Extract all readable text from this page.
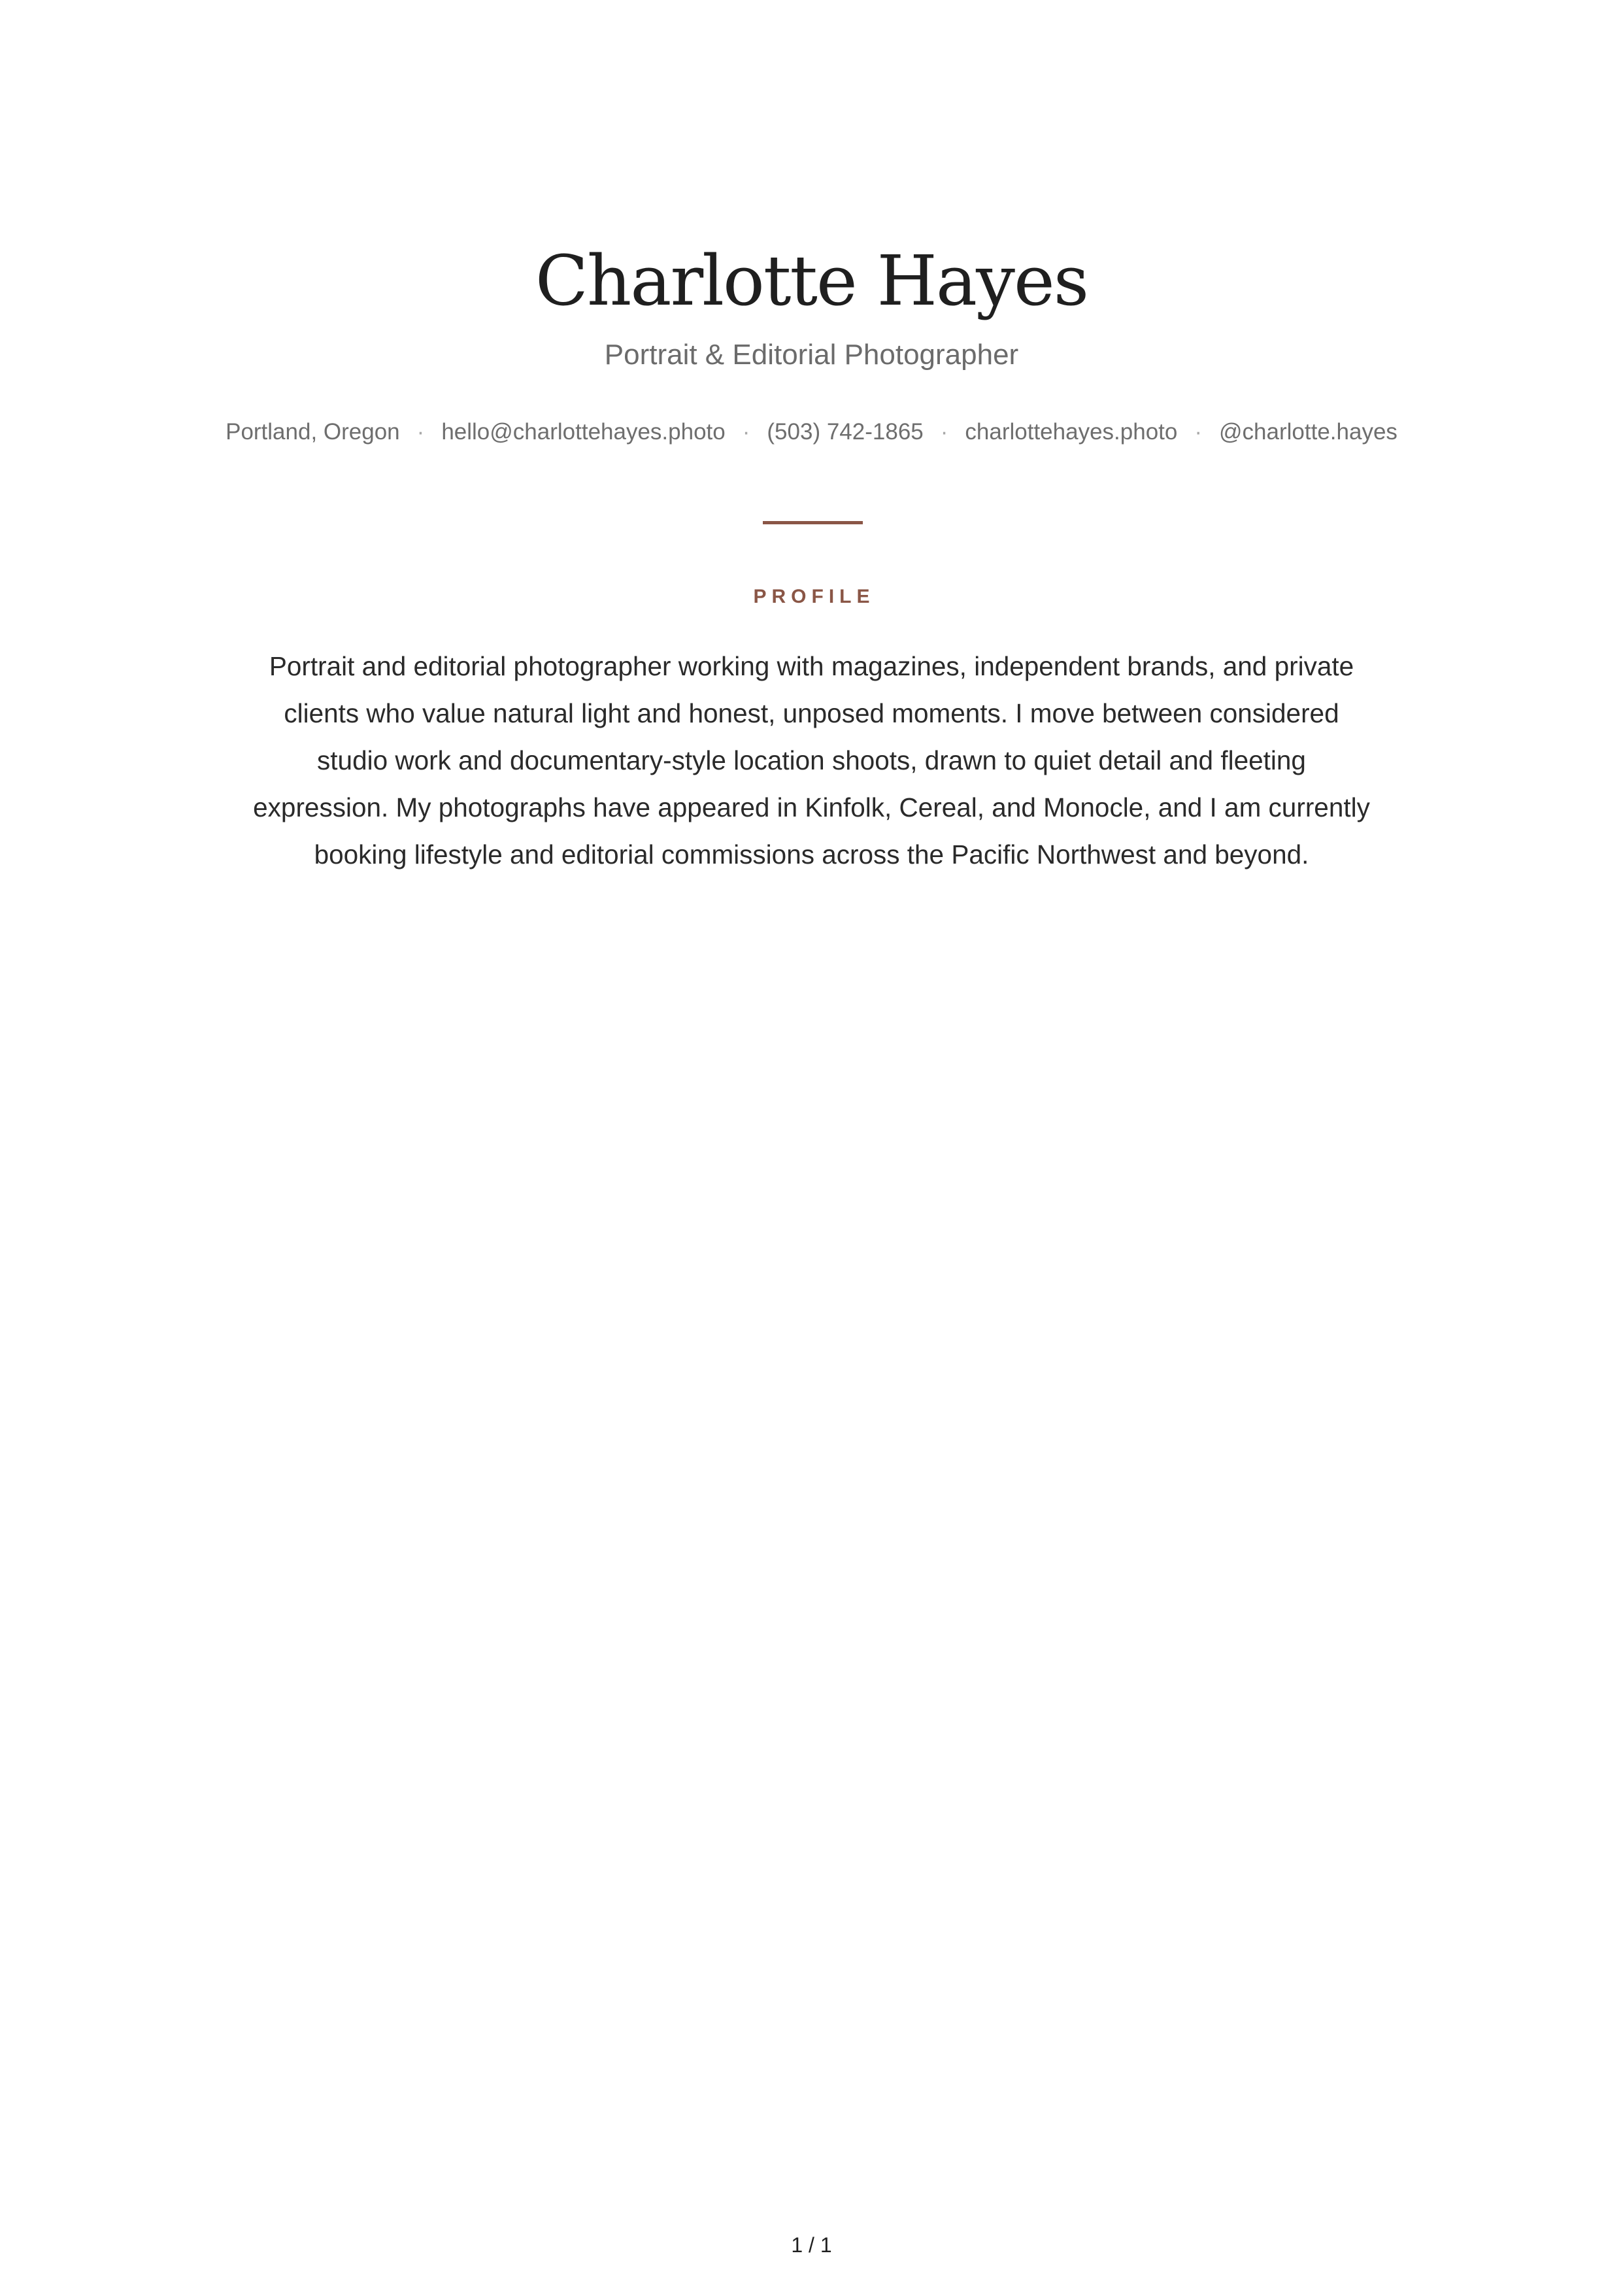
Charlotte Hayes

Portrait & Editorial Photographer

Portland, Oregon · hello@charlottehayes.photo · (503) 742-1865 · charlottehayes.photo · @charlotte.hayes
PROFILE

Portrait and editorial photographer working with magazines, independent brands, and private clients who value natural light and honest, unposed moments. I move between considered studio work and documentary-style location shoots, drawn to quiet detail and fleeting expression. My photographs have appeared in Kinfolk, Cereal, and Monocle, and I am currently booking lifestyle and editorial commissions across the Pacific Northwest and beyond.

1 / 1
